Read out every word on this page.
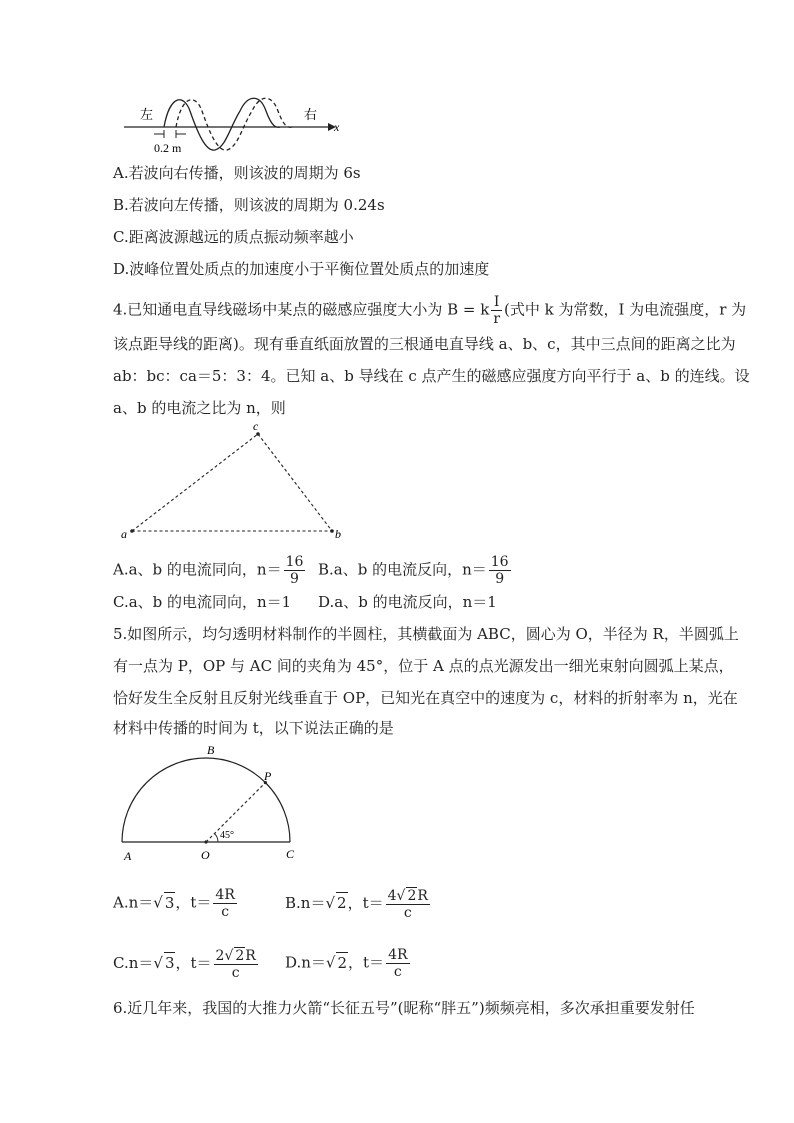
左	右
x
0.2 m
A.若波向右传播，则该波的周期为 6s
B.若波向左传播，则该波的周期为 0.24s
C.距离波源越远的质点振动频率越小
D.波峰位置处质点的加速度小于平衡位置处质点的加速度
4.已知通电直导线磁场中某点的磁感应强度大小为 B = k $\frac{I}{r}$ (式中 k 为常数，I 为电流强度，r 为
该点距导线的距离)。现有垂直纸面放置的三根通电直导线 a、b、c，其中三点间的距离之比为
ab：bc：ca＝5：3：4。已知 a、b 导线在 c 点产生的磁感应强度方向平行于 a、b 的连线。设
a、b 的电流之比为 n，则
a	b
c
A.a、b 的电流同向，$n= \frac{16}{9} B.a$、b 的电流反向，$n= \frac{16}{9}$
C.a、b 的电流同向，n＝1 D.a、b 的电流反向，n＝1
5.如图所示，均匀透明材料制作的半圆柱，其横截面为 ABC，圆心为 O，半径为 R，半圆弧上
有一点为 P，OP 与 AC 间的夹角为 45°，位于 A 点的点光源发出一细光束射向圆弧上某点，
恰好发生全反射且反射光线垂直于 OP，已知光在真空中的速度为 c，材料的折射率为 n，光在
材料中传播的时间为 t，以下说法正确的是
B
P
45°
A	O	C
A.n＝√ 3，$t= \frac{4R}{c}$	B.n＝√ 2，$t= \frac{4√ 2R}{c}$
C.n＝√ 3，$t= \frac{2√ 2R}{c} D.n=√$ 2，$t= \frac{4R}{c}$
6.近几年来，我国的大推力火箭“长征五号”(昵称“胖五”)频频亮相，多次承担重要发射任
